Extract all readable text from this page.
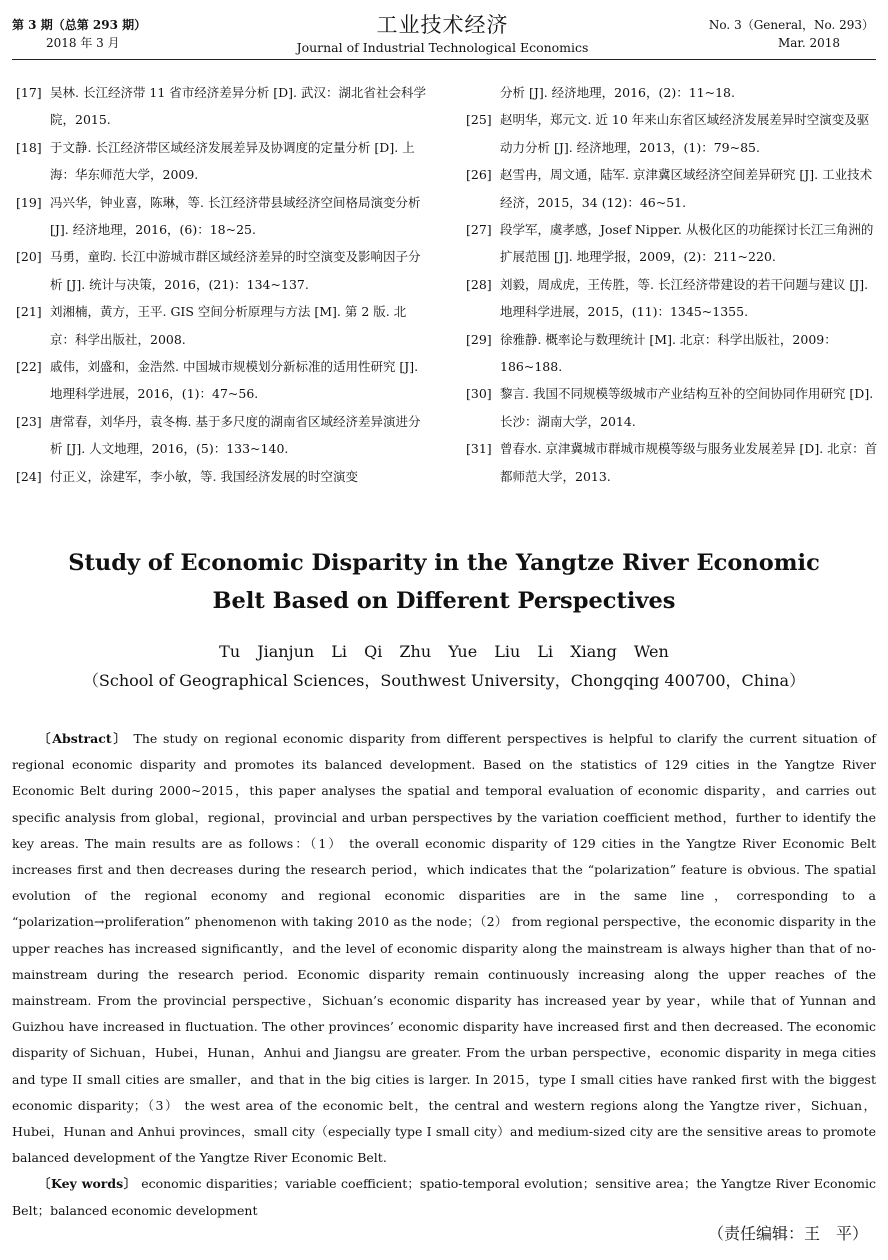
第 3 期（总第 293 期）
2018 年 3 月
工业技术经济
Journal of Industrial Technological Economics
No. 3（General，No. 293）
Mar. 2018
[17] 吴林. 长江经济带 11 省市经济差异分析 [D]. 武汉：湖北省社会科学院，2015.
[18] 于文静. 长江经济带区域经济发展差异及协调度的定量分析 [D]. 上海：华东师范大学，2009.
[19] 冯兴华，钟业喜，陈琳，等. 长江经济带县域经济空间格局演变分析 [J]. 经济地理，2016，(6)：18~25.
[20] 马勇，童昀. 长江中游城市群区域经济差异的时空演变及影响因子分析 [J]. 统计与决策，2016，(21)：134~137.
[21] 刘湘楠，黄方，王平. GIS 空间分析原理与方法 [M]. 第 2 版. 北京：科学出版社，2008.
[22] 戚伟，刘盛和，金浩然. 中国城市规模划分新标准的适用性研究 [J]. 地理科学进展，2016，(1)：47~56.
[23] 唐常春，刘华丹，袁冬梅. 基于多尺度的湖南省区域经济差异演进分析 [J]. 人文地理，2016，(5)：133~140.
[24] 付正义，涂建军，李小敏，等. 我国经济发展的时空演变
分析 [J]. 经济地理，2016，(2)：11~18.
[25] 赵明华，郑元文. 近 10 年来山东省区域经济发展差异时空演变及驱动力分析 [J]. 经济地理，2013，(1)：79~85.
[26] 赵雪冉，周文通，陆军. 京津冀区域经济空间差异研究 [J]. 工业技术经济，2015，34 (12)：46~51.
[27] 段学军，虞孝感，Josef Nipper. 从极化区的功能探讨长江三角洲的扩展范围 [J]. 地理学报，2009，(2)：211~220.
[28] 刘毅，周成虎，王传胜，等. 长江经济带建设的若干问题与建议 [J]. 地理科学进展，2015，(11)：1345~1355.
[29] 徐雅静. 概率论与数理统计 [M]. 北京：科学出版社，2009：186~188.
[30] 黎言. 我国不同规模等级城市产业结构互补的空间协同作用研究 [D]. 长沙：湖南大学，2014.
[31] 曾春水. 京津冀城市群城市规模等级与服务业发展差异 [D]. 北京：首都师范大学，2013.
Study of Economic Disparity in the Yangtze River Economic Belt Based on Different Perspectives
Tu Jianjun Li Qi Zhu Yue Liu Li Xiang Wen
（School of Geographical Sciences，Southwest University，Chongqing 400700，China）

〔Abstract〕 The study on regional economic disparity from different perspectives is helpful to clarify the current situation of regional economic disparity and promotes its balanced development. Based on the statistics of 129 cities in the Yangtze River Economic Belt during 2000~2015，this paper analyses the spatial and temporal evaluation of economic disparity，and carries out specific analysis from global，regional，provincial and urban perspectives by the variation coefficient method，further to identify the key areas. The main results are as follows：（1） the overall economic disparity of 129 cities in the Yangtze River Economic Belt increases first and then decreases during the research period，which indicates that the “polarization” feature is obvious. The spatial evolution of the regional economy and regional economic disparities are in the same line，corresponding to a “polarization→proliferation” phenomenon with taking 2010 as the node；（2） from regional perspective，the economic disparity in the upper reaches has increased significantly，and the level of economic disparity along the mainstream is always higher than that of no-mainstream during the research period. Economic disparity remain continuously increasing along the upper reaches of the mainstream. From the provincial perspective，Sichuan’s economic disparity has increased year by year，while that of Yunnan and Guizhou have increased in fluctuation. The other provinces’ economic disparity have increased first and then decreased. The economic disparity of Sichuan，Hubei，Hunan，Anhui and Jiangsu are greater. From the urban perspective，economic disparity in mega cities and type II small cities are smaller，and that in the big cities is larger. In 2015，type I small cities have ranked first with the biggest economic disparity；（3） the west area of the economic belt，the central and western regions along the Yangtze river，Sichuan，Hubei，Hunan and Anhui provinces，small city（especially type I small city）and medium-sized city are the sensitive areas to promote balanced development of the Yangtze River Economic Belt.

〔Key words〕 economic disparities；variable coefficient；spatio-temporal evolution；sensitive area；the Yangtze River Economic Belt；balanced economic development

（责任编辑：王　平）
